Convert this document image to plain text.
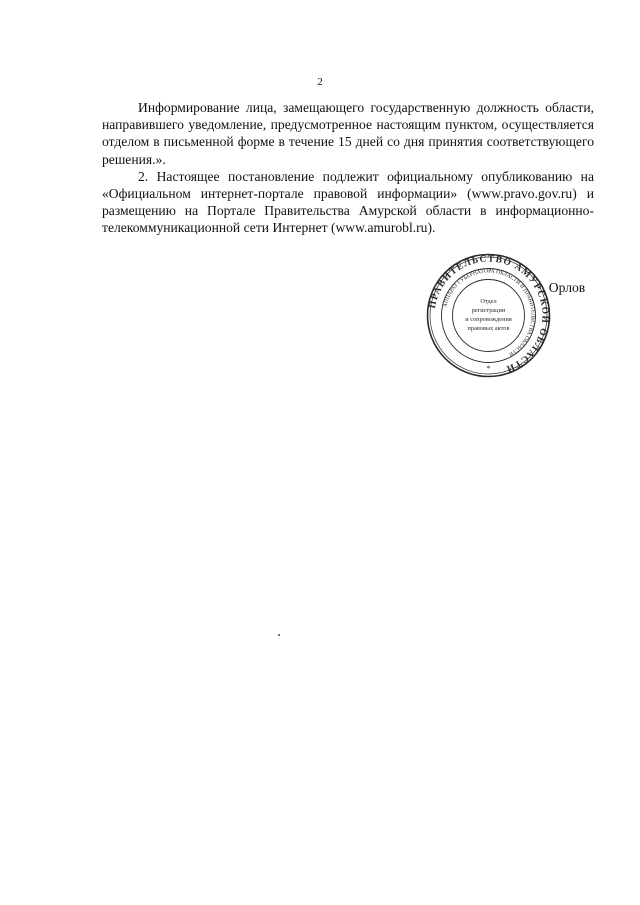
2

Информирование лица, замещающего государственную должность области, направившего уведомление, предусмотренное настоящим пунктом, осуществляется отделом в письменной форме в течение 15 дней со дня принятия соответствующего решения.».

2. Настоящее постановление подлежит официальному опубликованию на «Официальном интернет-портале правовой информации» (www.pravo.gov.ru) и размещению на Портале Правительства Амурской области в информационно-телекоммуникационной сети Интернет (www.amurobl.ru).

ПРАВИТЕЛЬСТВО АМУРСКОЙ ОБЛАСТИ
АППАРАТ ГУБЕРНАТОРА ОБЛАСТИ И ПРАВИТЕЛЬСТВА ОБЛАСТИ
Отдел
регистрации
и сопровождения
правовых актов
*
. Орлов
